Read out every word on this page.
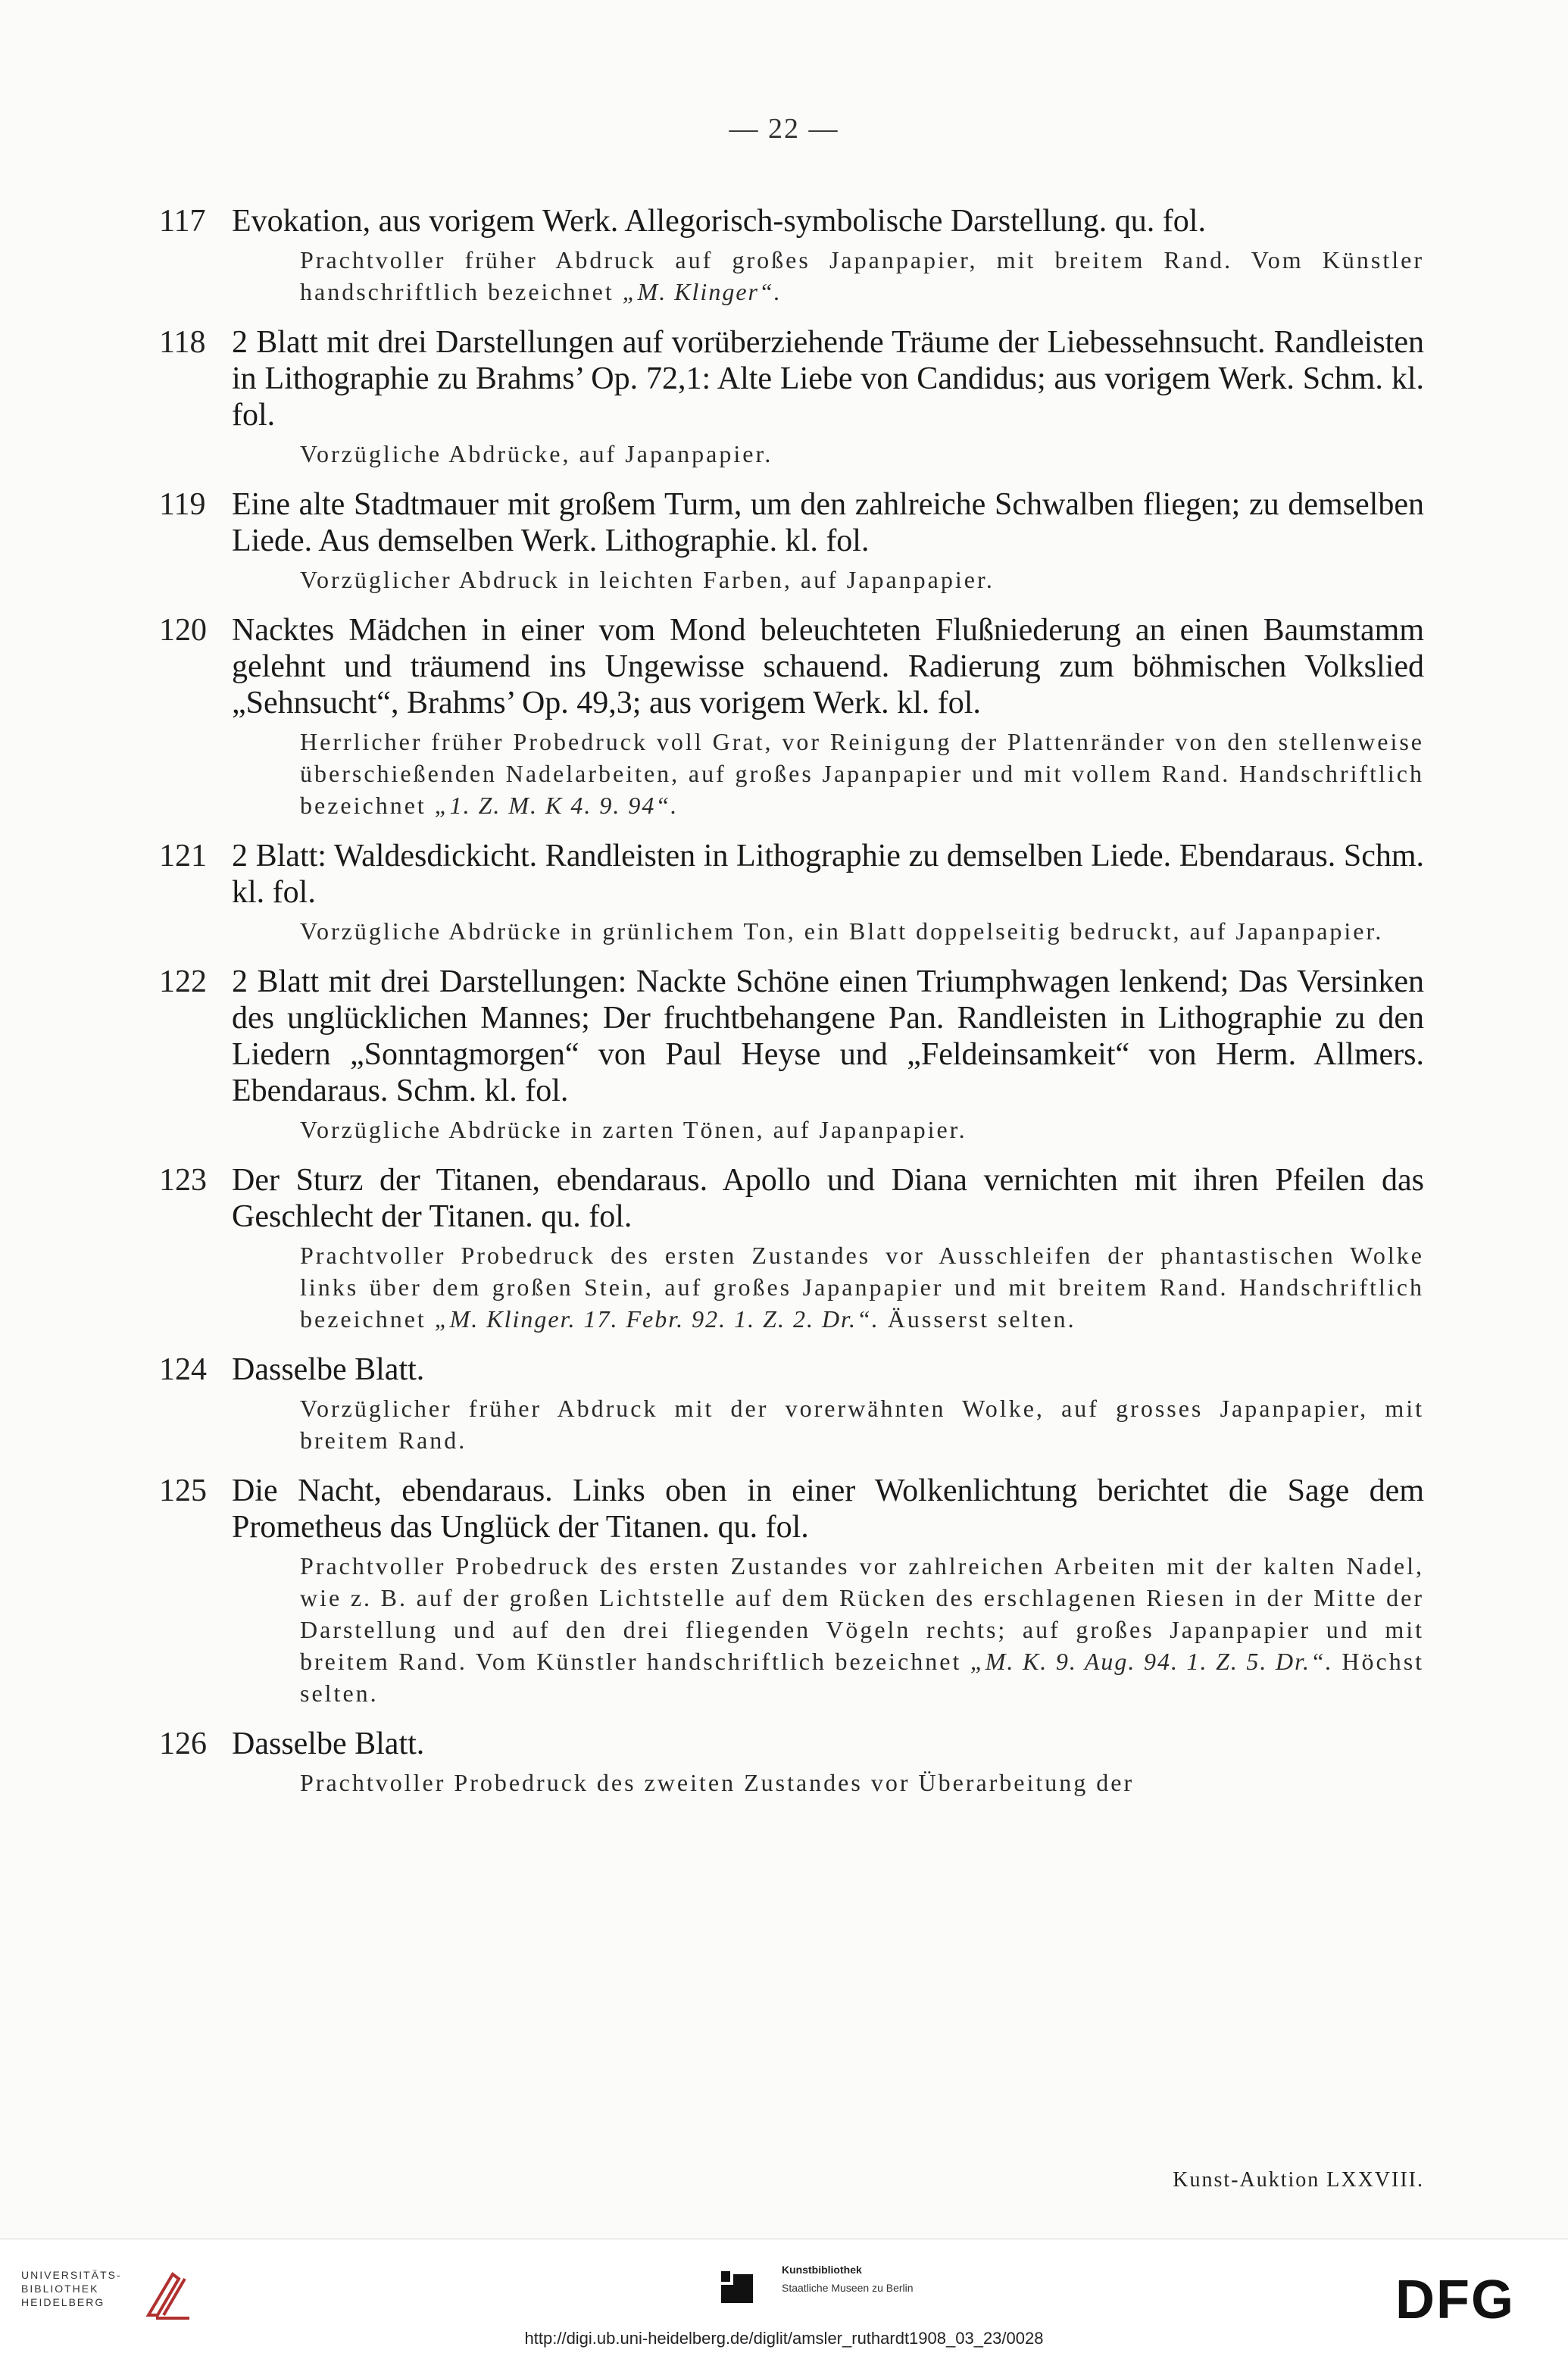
— 22 —
117 Evokation, aus vorigem Werk. Allegorisch-symbolische Darstellung. qu. fol.
Prachtvoller früher Abdruck auf großes Japanpapier, mit breitem Rand. Vom Künstler handschriftlich bezeichnet „M. Klinger“.
118 2 Blatt mit drei Darstellungen auf vorüberziehende Träume der Liebessehnsucht. Randleisten in Lithographie zu Brahms’ Op. 72,1: Alte Liebe von Candidus; aus vorigem Werk. Schm. kl. fol.
Vorzügliche Abdrücke, auf Japanpapier.
119 Eine alte Stadtmauer mit großem Turm, um den zahlreiche Schwalben fliegen; zu demselben Liede. Aus demselben Werk. Lithographie. kl. fol.
Vorzüglicher Abdruck in leichten Farben, auf Japanpapier.
120 Nacktes Mädchen in einer vom Mond beleuchteten Flußniederung an einen Baumstamm gelehnt und träumend ins Ungewisse schauend. Radierung zum böhmischen Volkslied „Sehnsucht“, Brahms’ Op. 49,3; aus vorigem Werk. kl. fol.
Herrlicher früher Probedruck voll Grat, vor Reinigung der Plattenränder von den stellenweise überschießenden Nadelarbeiten, auf großes Japanpapier und mit vollem Rand. Handschriftlich bezeichnet „1. Z. M. K 4. 9. 94“.
121 2 Blatt: Waldesdickicht. Randleisten in Lithographie zu demselben Liede. Ebendaraus. Schm. kl. fol.
Vorzügliche Abdrücke in grünlichem Ton, ein Blatt doppelseitig bedruckt, auf Japanpapier.
122 2 Blatt mit drei Darstellungen: Nackte Schöne einen Triumphwagen lenkend; Das Versinken des unglücklichen Mannes; Der fruchtbehangene Pan. Randleisten in Lithographie zu den Liedern „Sonntagmorgen“ von Paul Heyse und „Feldeinsamkeit“ von Herm. Allmers. Ebendaraus. Schm. kl. fol.
Vorzügliche Abdrücke in zarten Tönen, auf Japanpapier.
123 Der Sturz der Titanen, ebendaraus. Apollo und Diana vernichten mit ihren Pfeilen das Geschlecht der Titanen. qu. fol.
Prachtvoller Probedruck des ersten Zustandes vor Ausschleifen der phantastischen Wolke links über dem großen Stein, auf großes Japanpapier und mit breitem Rand. Handschriftlich bezeichnet „M. Klinger. 17. Febr. 92. 1. Z. 2. Dr.“. Äusserst selten.
124 Dasselbe Blatt.
Vorzüglicher früher Abdruck mit der vorerwähnten Wolke, auf grosses Japanpapier, mit breitem Rand.
125 Die Nacht, ebendaraus. Links oben in einer Wolkenlichtung berichtet die Sage dem Prometheus das Unglück der Titanen. qu. fol.
Prachtvoller Probedruck des ersten Zustandes vor zahlreichen Arbeiten mit der kalten Nadel, wie z. B. auf der großen Lichtstelle auf dem Rücken des erschlagenen Riesen in der Mitte der Darstellung und auf den drei fliegenden Vögeln rechts; auf großes Japanpapier und mit breitem Rand. Vom Künstler handschriftlich bezeichnet „M. K. 9. Aug. 94. 1. Z. 5. Dr.“. Höchst selten.
126 Dasselbe Blatt.
Prachtvoller Probedruck des zweiten Zustandes vor Überarbeitung der
Kunst-Auktion LXXVIII.
UNIVERSITÄTS-
BIBLIOTHEK
HEIDELBERG
Kunstbibliothek
Staatliche Museen zu Berlin	DFG
http://digi.ub.uni-heidelberg.de/diglit/amsler_ruthardt1908_03_23/0028
